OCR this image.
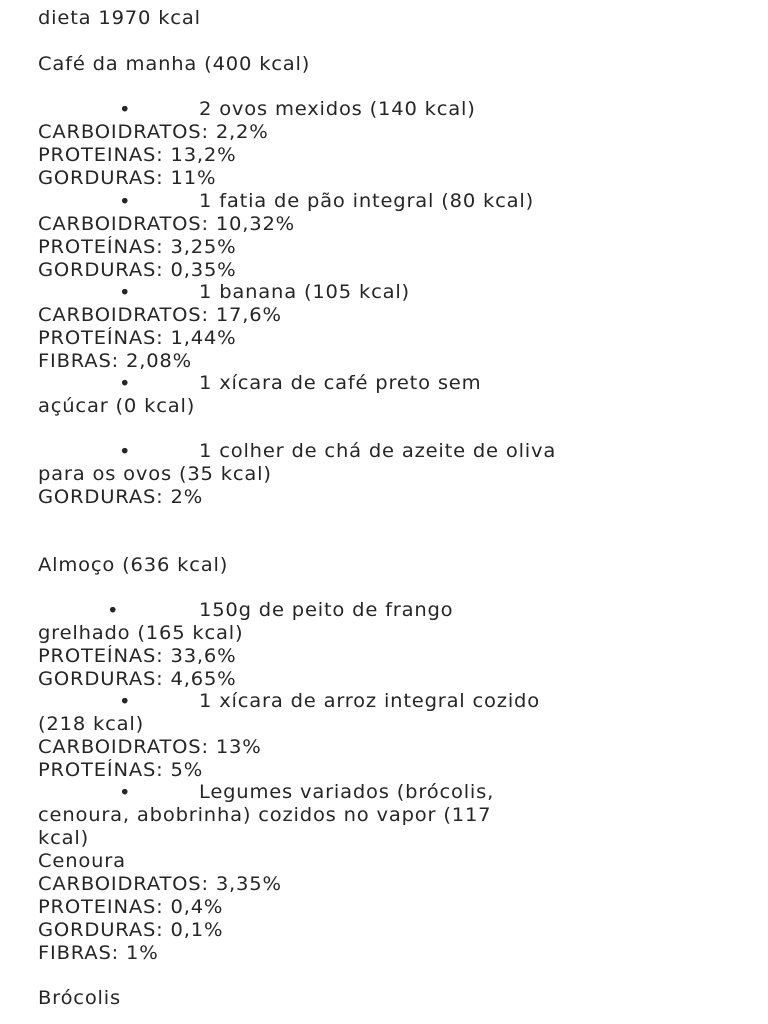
dieta 1970 kcal
Café da manha (400 kcal)
•	2 ovos mexidos (140 kcal)
CARBOIDRATOS: 2,2%
PROTEINAS: 13,2%
GORDURAS: 11%
•	1 fatia de pão integral (80 kcal)
CARBOIDRATOS: 10,32%
PROTEÍNAS: 3,25%
GORDURAS: 0,35%
•	1 banana (105 kcal)
CARBOIDRATOS: 17,6%
PROTEÍNAS: 1,44%
FIBRAS: 2,08%
•	1 xícara de café preto sem
açúcar (0 kcal)
•	1 colher de chá de azeite de oliva
para os ovos (35 kcal)
GORDURAS: 2%
Almoço (636 kcal)
•	150g de peito de frango
grelhado (165 kcal)
PROTEÍNAS: 33,6%
GORDURAS: 4,65%
•	1 xícara de arroz integral cozido
(218 kcal)
CARBOIDRATOS: 13%
PROTEÍNAS: 5%
•	Legumes variados (brócolis,
cenoura, abobrinha) cozidos no vapor (117
kcal)
Cenoura
CARBOIDRATOS: 3,35%
PROTEINAS: 0,4%
GORDURAS: 0,1%
FIBRAS: 1%
Brócolis
